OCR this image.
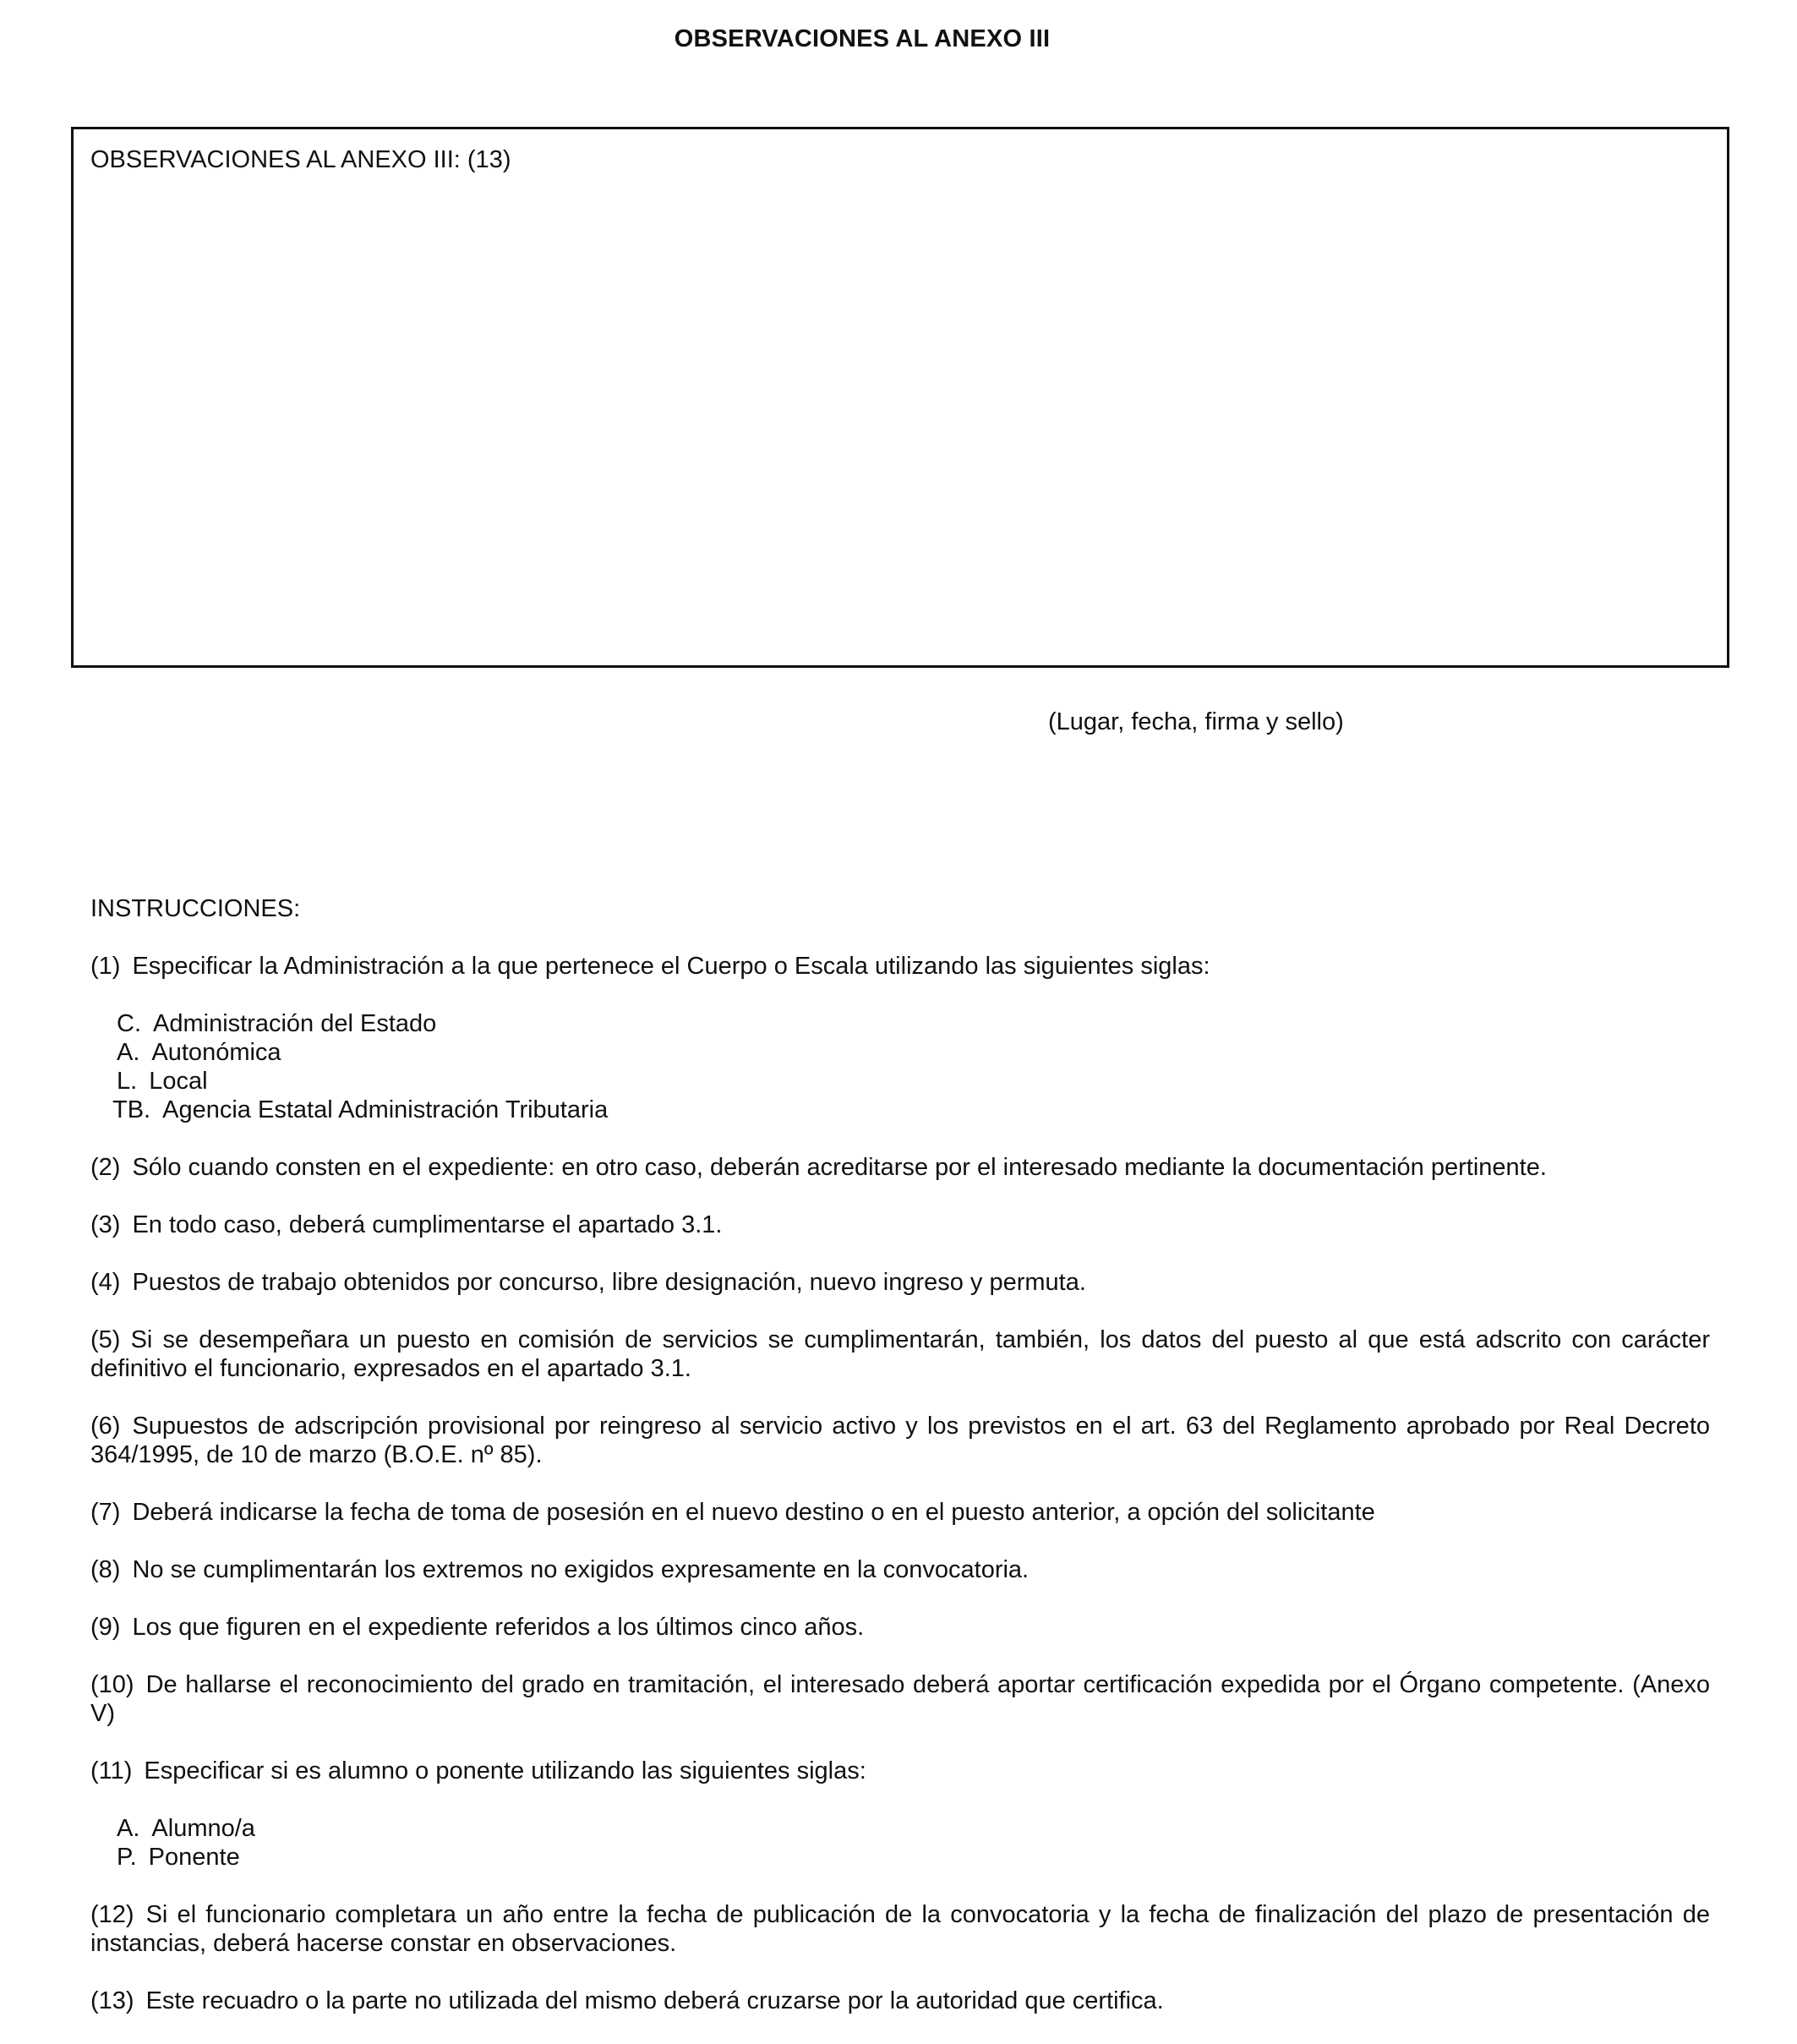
OBSERVACIONES AL ANEXO III
OBSERVACIONES AL ANEXO III: (13)
(Lugar, fecha, firma y sello)
INSTRUCCIONES:
(1) Especificar la Administración a la que pertenece el Cuerpo o Escala utilizando las siguientes siglas:
C. Administración del Estado
A. Autonómica
L. Local
TB. Agencia Estatal Administración Tributaria
(2) Sólo cuando consten en el expediente: en otro caso, deberán acreditarse por el interesado mediante la documentación pertinente.
(3) En todo caso, deberá cumplimentarse el apartado 3.1.
(4) Puestos de trabajo obtenidos por concurso, libre designación, nuevo ingreso y permuta.
(5) Si se desempeñara un puesto en comisión de servicios se cumplimentarán, también, los datos del puesto al que está adscrito con carácter definitivo el funcionario, expresados en el apartado 3.1.
(6) Supuestos de adscripción provisional por reingreso al servicio activo y los previstos en el art. 63 del Reglamento aprobado por Real Decreto 364/1995, de 10 de marzo (B.O.E. nº 85).
(7) Deberá indicarse la fecha de toma de posesión en el nuevo destino o en el puesto anterior, a opción del solicitante
(8) No se cumplimentarán los extremos no exigidos expresamente en la convocatoria.
(9) Los que figuren en el expediente referidos a los últimos cinco años.
(10) De hallarse el reconocimiento del grado en tramitación, el interesado deberá aportar certificación expedida por el Órgano competente. (Anexo V)
(11) Especificar si es alumno o ponente utilizando las siguientes siglas:
A. Alumno/a
P. Ponente
(12) Si el funcionario completara un año entre la fecha de publicación de la convocatoria y la fecha de finalización del plazo de presentación de instancias, deberá hacerse constar en observaciones.
(13) Este recuadro o la parte no utilizada del mismo deberá cruzarse por la autoridad que certifica.
